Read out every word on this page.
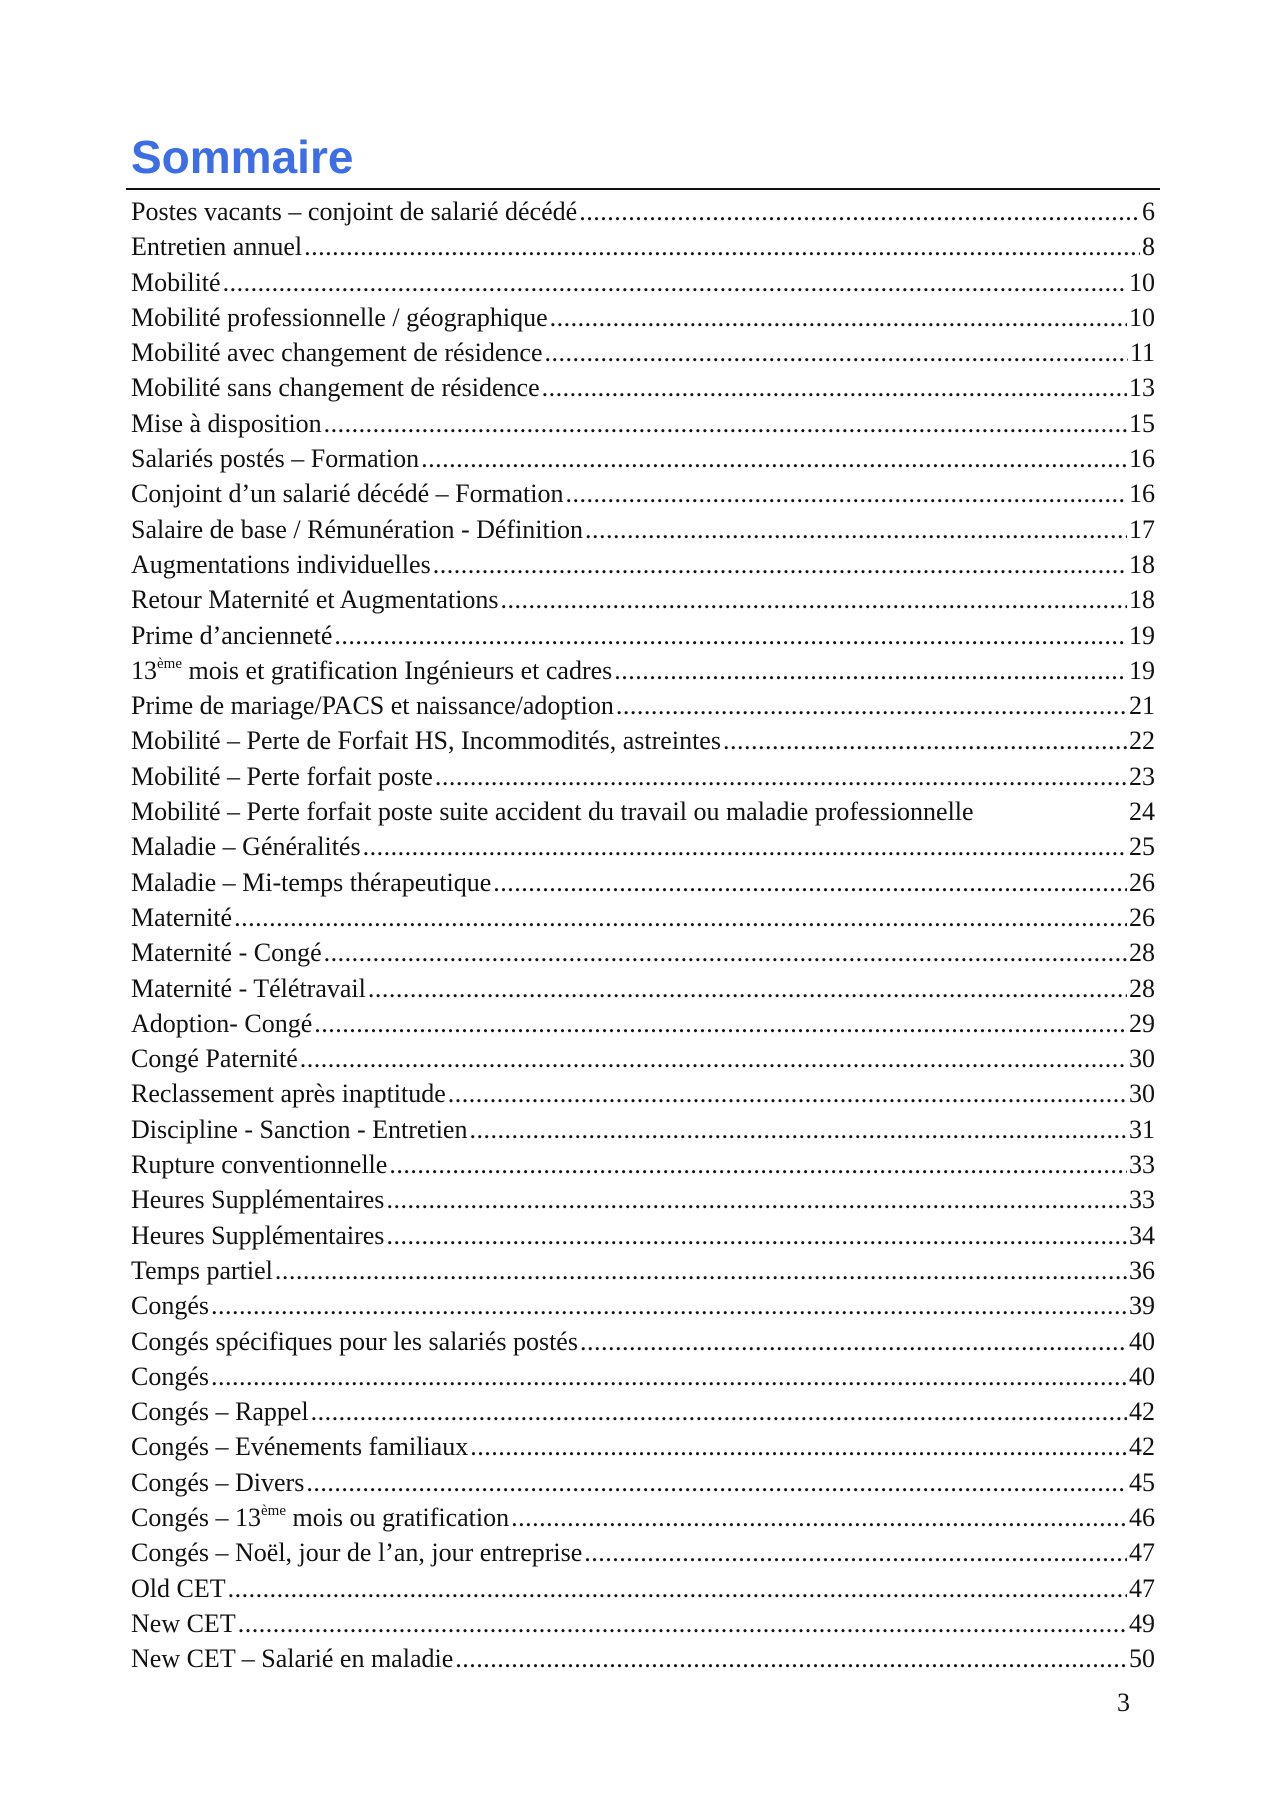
Sommaire
Postes vacants – conjoint de salarié décédé .....	6
Entretien annuel .....	8
Mobilité .....	10
Mobilité professionnelle / géographique .....	10
Mobilité avec changement de résidence .....	11
Mobilité sans changement de résidence .....	13
Mise à disposition .....	15
Salariés postés – Formation .....	16
Conjoint d’un salarié décédé – Formation .....	16
Salaire de base / Rémunération - Définition .....	17
Augmentations individuelles .....	18
Retour Maternité et Augmentations .....	18
Prime d’ancienneté .....	19
13ème mois et gratification Ingénieurs et cadres .....	19
Prime de mariage/PACS et naissance/adoption .....	21
Mobilité – Perte de Forfait HS, Incommodités, astreintes .....	22
Mobilité – Perte forfait poste .....	23
Mobilité – Perte forfait poste suite accident du travail ou maladie professionnelle	24
Maladie – Généralités .....	25
Maladie – Mi-temps thérapeutique .....	26
Maternité .....	26
Maternité - Congé .....	28
Maternité - Télétravail .....	28
Adoption- Congé .....	29
Congé Paternité .....	30
Reclassement après inaptitude .....	30
Discipline - Sanction - Entretien .....	31
Rupture conventionnelle .....	33
Heures Supplémentaires .....	33
Heures Supplémentaires .....	34
Temps partiel .....	36
Congés .....	39
Congés spécifiques pour les salariés postés .....	40
Congés .....	40
Congés – Rappel .....	42
Congés – Evénements familiaux .....	42
Congés – Divers .....	45
Congés – 13ème mois ou gratification .....	46
Congés – Noël, jour de l’an, jour entreprise .....	47
Old CET .....	47
New CET .....	49
New CET – Salarié en maladie .....	50
3
